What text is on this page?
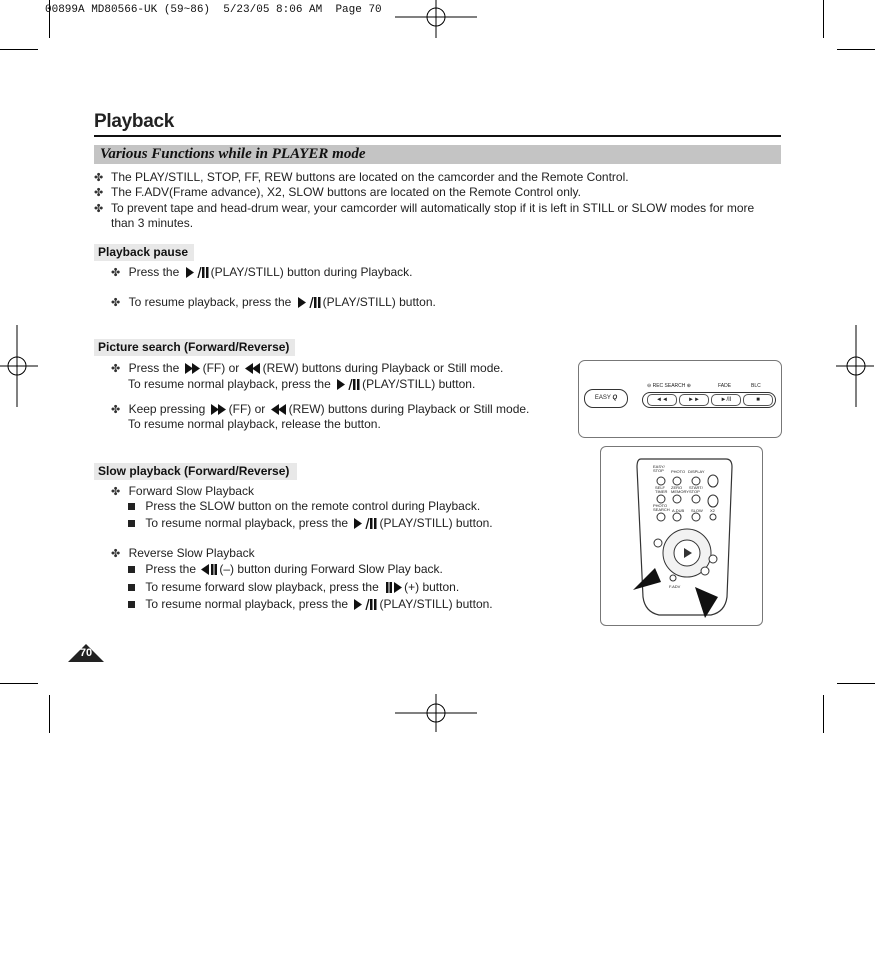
00899A MD80566-UK (59~86)  5/23/05 8:06 AM  Page 70
Playback
Various Functions while in PLAYER mode
✤ The PLAY/STILL, STOP, FF, REW buttons are located on the camcorder and the Remote Control.
✤ The F.ADV(Frame advance), X2, SLOW buttons are located on the Remote Control only.
✤ To prevent tape and head-drum wear, your camcorder will automatically stop if it is left in STILL or SLOW modes for more
than 3 minutes.
Playback pause
✤ Press the	(PLAY/STILL) button during Playback.
✤ To resume playback, press the	(PLAY/STILL) button.
Picture search (Forward/Reverse)
✤ Press the (FF) or (REW) buttons during Playback or Still mode.
To resume normal playback, press the	(PLAY/STILL) button.
✤ Keep pressing (FF) or (REW) buttons during Playback or Still mode.
To resume normal playback, release the button.
Slow playback (Forward/Reverse)
✤ Forward Slow Playback
Press the SLOW button on the remote control during Playback.
To resume normal playback, press the	(PLAY/STILL) button.
✤ Reverse Slow Playback
Press the (–) button during Forward Slow Play back.
To resume forward slow playback, press the (+) button.
To resume normal playback, press the	(PLAY/STILL) button.
EASY Q
⊖ REC SEARCH ⊕	FADE	BLC
◄◄	►►	►/II	■
EASY/ STOP	PHOTO DISPLAY
SELF TIMER
ZERO MEMORY
START/ STOP
PHOTO SEARCH A.DUB SLOW X2
F.ADV
70
